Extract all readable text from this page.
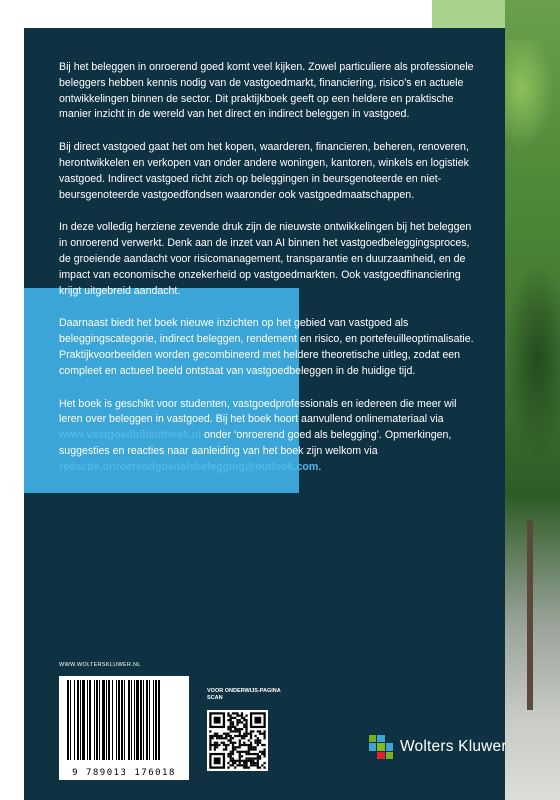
Bij het beleggen in onroerend goed komt veel kijken. Zowel particuliere als professionele beleggers hebben kennis nodig van de vastgoedmarkt, financiering, risico’s en actuele ontwikkelingen binnen de sector. Dit praktijkboek geeft op een heldere en praktische manier inzicht in de wereld van het direct en indirect beleggen in vastgoed.

Bij direct vastgoed gaat het om het kopen, waarderen, financieren, beheren, renoveren, herontwikkelen en verkopen van onder andere woningen, kantoren, winkels en logistiek vastgoed. Indirect vastgoed richt zich op beleggingen in beursgenoteerde en niet-beursgenoteerde vastgoedfondsen waaronder ook vastgoedmaatschappen.

In deze volledig herziene zevende druk zijn de nieuwste ontwikkelingen bij het beleggen in onroerend verwerkt. Denk aan de inzet van AI binnen het vastgoedbeleggingsproces, de groeiende aandacht voor risicomanagement, transparantie en duurzaamheid, en de impact van economische onzekerheid op vastgoedmarkten. Ook vastgoedfinanciering krijgt uitgebreid aandacht.

Daarnaast biedt het boek nieuwe inzichten op het gebied van vastgoed als beleggingscategorie, indirect beleggen, rendement en risico, en portefeuilleoptimalisatie. Praktijkvoorbeelden worden gecombineerd met heldere theoretische uitleg, zodat een compleet en actueel beeld ontstaat van vastgoedbeleggen in de huidige tijd.

Het boek is geschikt voor studenten, vastgoedprofessionals en iedereen die meer wil leren over beleggen in vastgoed. Bij het boek hoort aanvullend onlinemateriaal via www.vastgoedbibliotheek.nl onder ‘onroerend goed als belegging’. Opmerkingen, suggesties en reacties naar aanleiding van het boek zijn welkom via redactie.onroerendgoedalsbelegging@outlook.com.

WWW.WOLTERSKLUWER.NL
9 789013 176018
VOOR ONDERWIJS-PAGINA SCAN
Wolters Kluwer
